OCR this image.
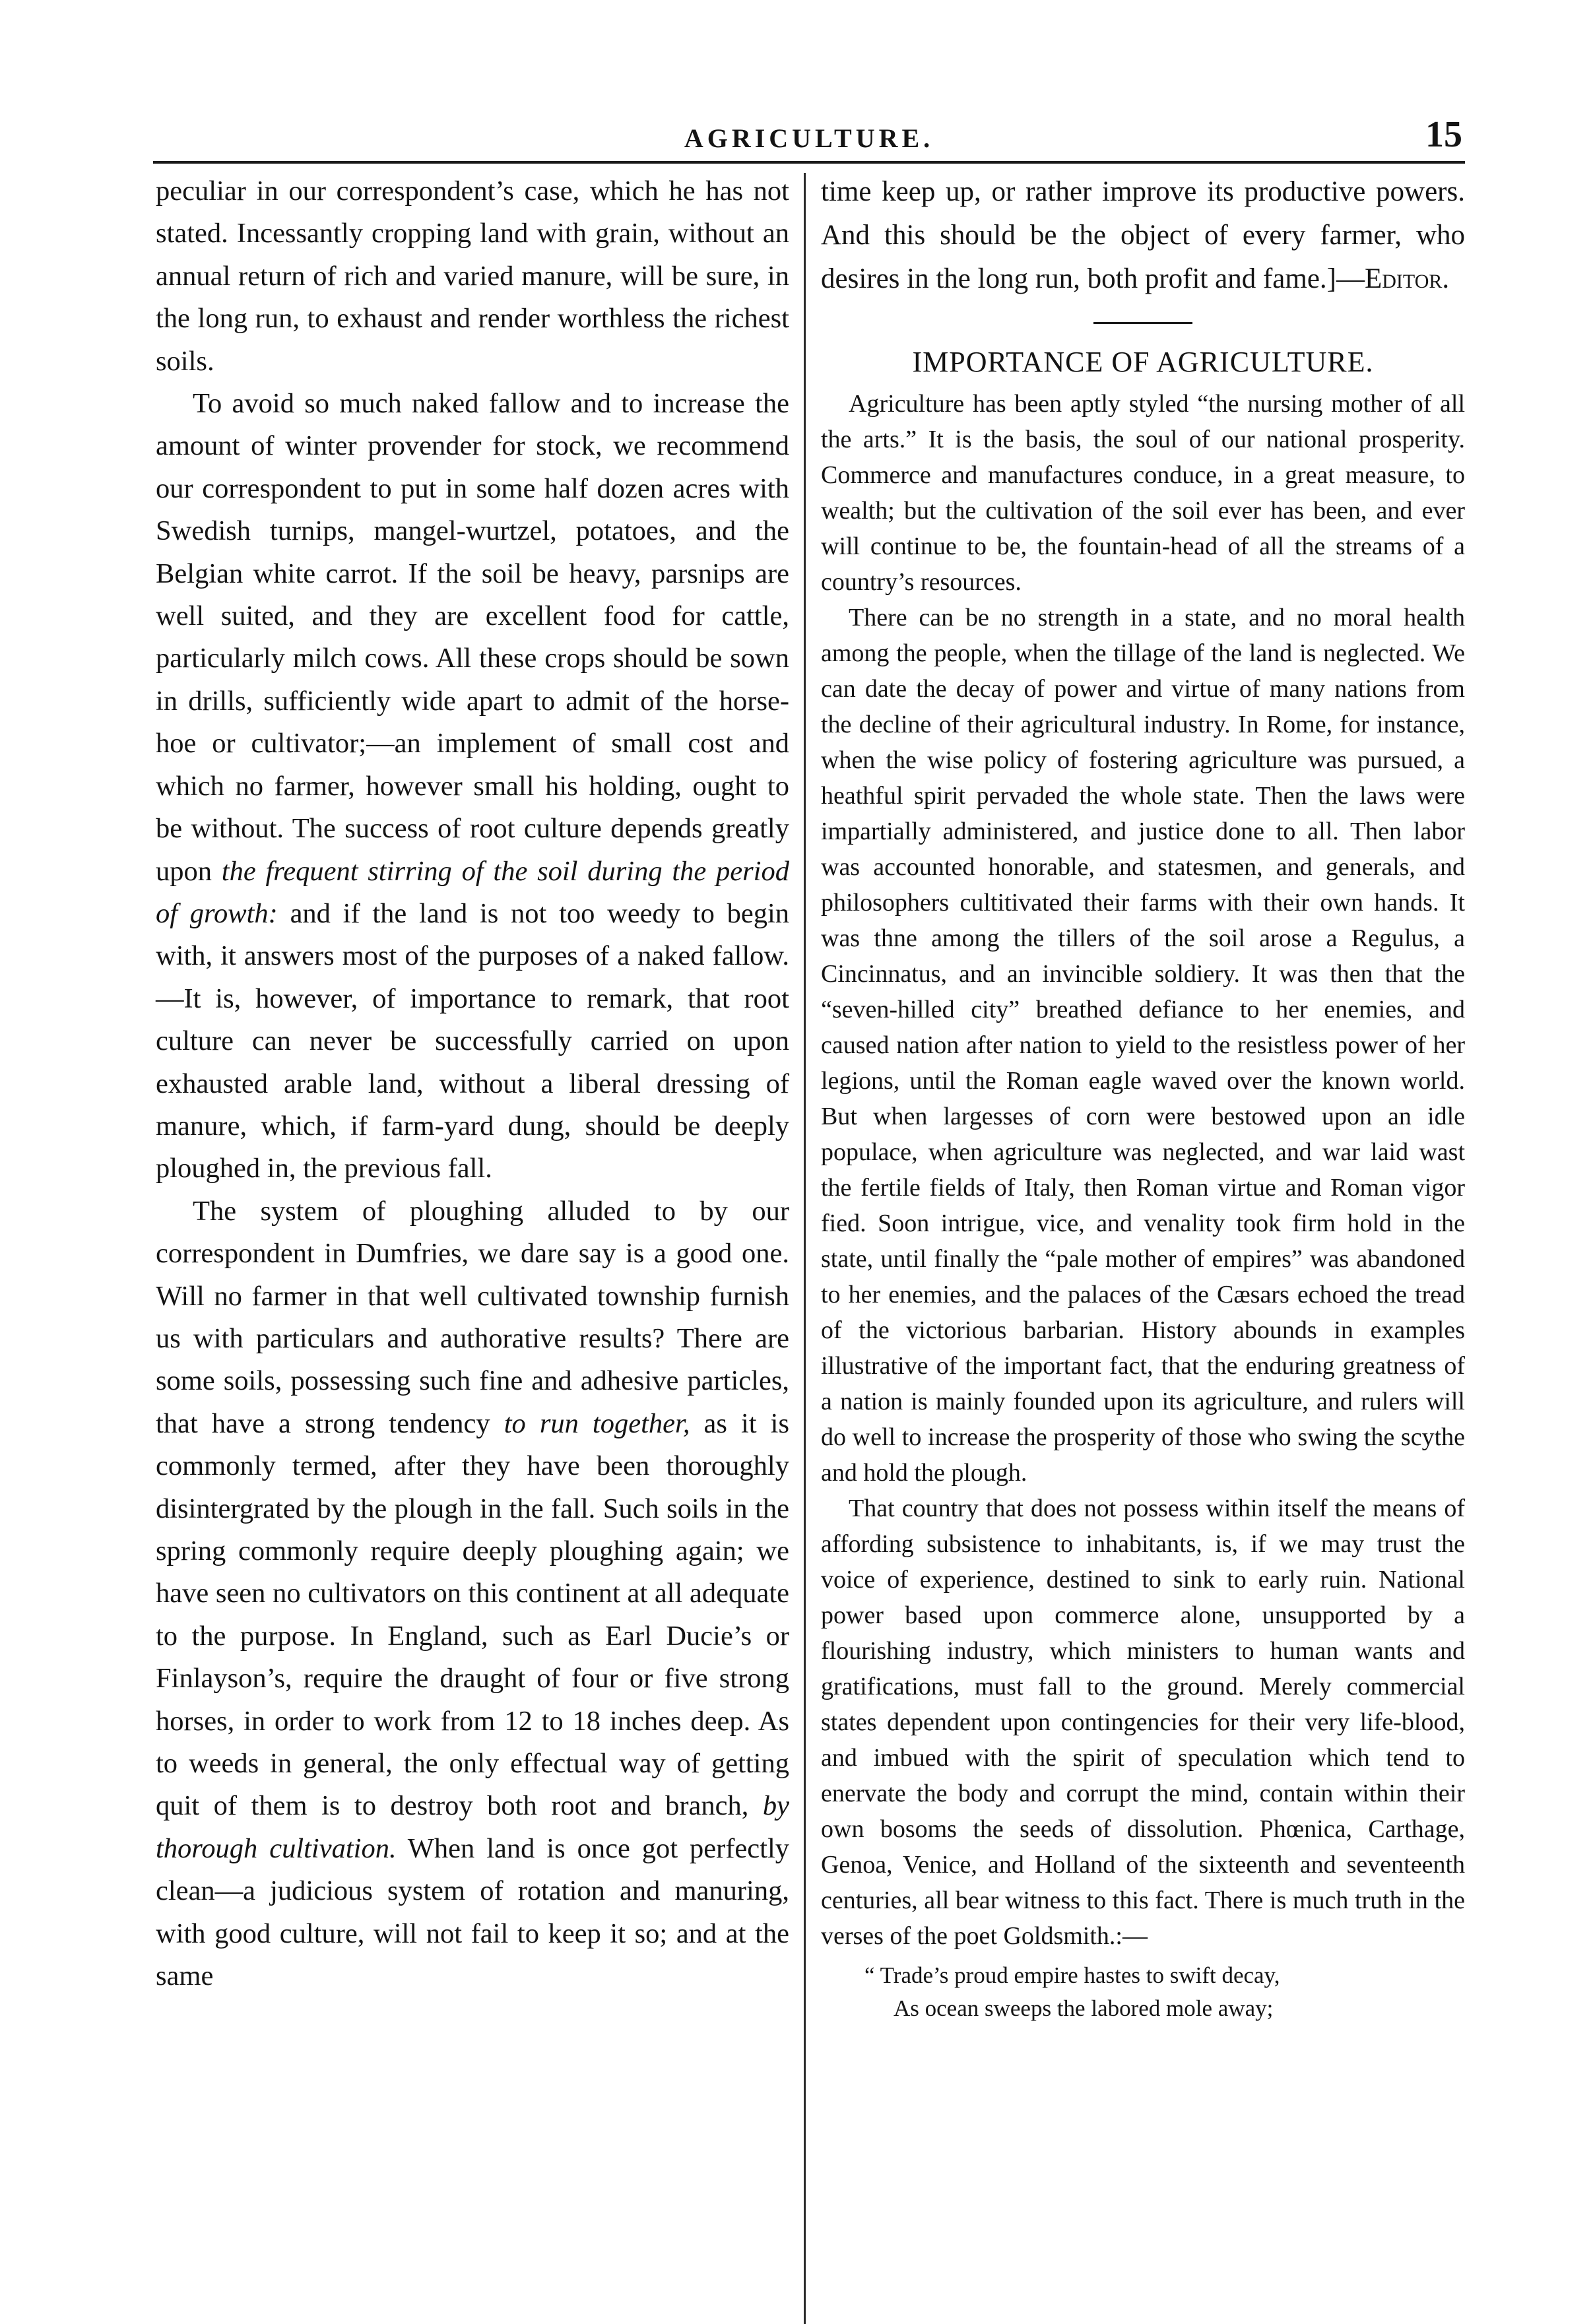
AGRICULTURE.	15

peculiar in our correspondent’s case, which he has not stated. Incessantly cropping land with grain, without an annual return of rich and varied manure, will be sure, in the long run, to exhaust and render worthless the richest soils.

To avoid so much naked fallow and to increase the amount of winter provender for stock, we recommend our correspondent to put in some half dozen acres with Swedish turnips, mangel-wurtzel, potatoes, and the Belgian white carrot. If the soil be heavy, parsnips are well suited, and they are excellent food for cattle, particularly milch cows. All these crops should be sown in drills, sufficiently wide apart to admit of the horse-hoe or cultivator;—an implement of small cost and which no farmer, however small his holding, ought to be without. The success of root culture depends greatly upon the frequent stirring of the soil during the period of growth: and if the land is not too weedy to begin with, it answers most of the purposes of a naked fallow.—It is, however, of importance to remark, that root culture can never be successfully carried on upon exhausted arable land, without a liberal dressing of manure, which, if farm-yard dung, should be deeply ploughed in, the previous fall.

The system of ploughing alluded to by our correspondent in Dumfries, we dare say is a good one. Will no farmer in that well cultivated township furnish us with particulars and authorative results? There are some soils, possessing such fine and adhesive particles, that have a strong tendency to run together, as it is commonly termed, after they have been thoroughly disintergrated by the plough in the fall. Such soils in the spring commonly require deeply ploughing again; we have seen no cultivators on this continent at all adequate to the purpose. In England, such as Earl Ducie’s or Finlayson’s, require the draught of four or five strong horses, in order to work from 12 to 18 inches deep. As to weeds in general, the only effectual way of getting quit of them is to destroy both root and branch, by thorough cultivation. When land is once got perfectly clean—a judicious system of rotation and manuring, with good culture, will not fail to keep it so; and at the same

time keep up, or rather improve its productive powers. And this should be the object of every farmer, who desires in the long run, both profit and fame.]—Editor.

IMPORTANCE OF AGRICULTURE.

Agriculture has been aptly styled “the nursing mother of all the arts.” It is the basis, the soul of our national prosperity. Commerce and manufactures conduce, in a great measure, to wealth; but the cultivation of the soil ever has been, and ever will continue to be, the fountain-head of all the streams of a country’s resources.

There can be no strength in a state, and no moral health among the people, when the tillage of the land is neglected. We can date the decay of power and virtue of many nations from the decline of their agricultural industry. In Rome, for instance, when the wise policy of fostering agriculture was pursued, a heathful spirit pervaded the whole state. Then the laws were impartially administered, and justice done to all. Then labor was accounted honorable, and statesmen, and generals, and philosophers cultitivated their farms with their own hands. It was thne among the tillers of the soil arose a Regulus, a Cincinnatus, and an invincible soldiery. It was then that the “seven-hilled city” breathed defiance to her enemies, and caused nation after nation to yield to the resistless power of her legions, until the Roman eagle waved over the known world. But when largesses of corn were bestowed upon an idle populace, when agriculture was neglected, and war laid wast the fertile fields of Italy, then Roman virtue and Roman vigor fied. Soon intrigue, vice, and venality took firm hold in the state, until finally the “pale mother of empires” was abandoned to her enemies, and the palaces of the Cæsars echoed the tread of the victorious barbarian. History abounds in examples illustrative of the important fact, that the enduring greatness of a nation is mainly founded upon its agriculture, and rulers will do well to increase the prosperity of those who swing the scythe and hold the plough.

That country that does not possess within itself the means of affording subsistence to inhabitants, is, if we may trust the voice of experience, destined to sink to early ruin. National power based upon commerce alone, unsupported by a flourishing industry, which ministers to human wants and gratifications, must fall to the ground. Merely commercial states dependent upon contingencies for their very life-blood, and imbued with the spirit of speculation which tend to enervate the body and corrupt the mind, contain within their own bosoms the seeds of dissolution. Phœnica, Carthage, Genoa, Venice, and Holland of the sixteenth and seventeenth centuries, all bear witness to this fact. There is much truth in the verses of the poet Goldsmith.:—

“ Trade’s proud empire hastes to swift decay,
As ocean sweeps the labored mole away;
